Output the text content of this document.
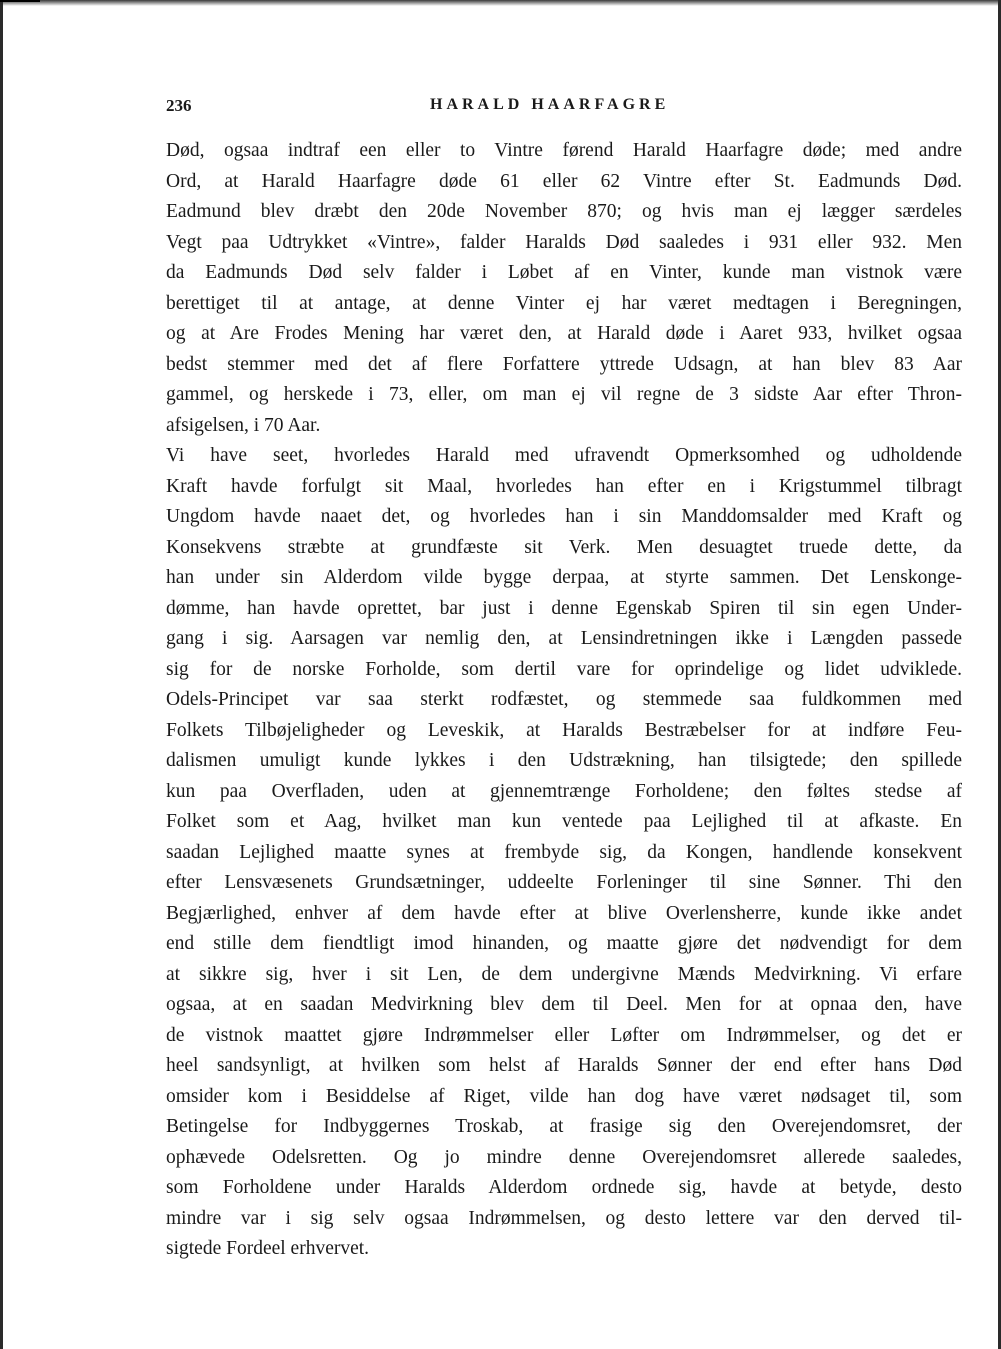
236	HARALD HAARFAGRE
Død, ogsaa indtraf een eller to Vintre førend Harald Haarfagre døde; med andre
Ord, at Harald Haarfagre døde 61 eller 62 Vintre efter St. Eadmunds Død.
Eadmund blev dræbt den 20de November 870; og hvis man ej lægger særdeles
Vegt paa Udtrykket «Vintre», falder Haralds Død saaledes i 931 eller 932. Men
da Eadmunds Død selv falder i Løbet af en Vinter, kunde man vistnok være
berettiget til at antage, at denne Vinter ej har været medtagen i Beregningen,
og at Are Frodes Mening har været den, at Harald døde i Aaret 933, hvilket ogsaa
bedst stemmer med det af flere Forfattere yttrede Udsagn, at han blev 83 Aar
gammel, og herskede i 73, eller, om man ej vil regne de 3 sidste Aar efter Thron-
afsigelsen, i 70 Aar.
Vi have seet, hvorledes Harald med ufravendt Opmerksomhed og udholdende
Kraft havde forfulgt sit Maal, hvorledes han efter en i Krigstummel tilbragt
Ungdom havde naaet det, og hvorledes han i sin Manddomsalder med Kraft og
Konsekvens stræbte at grundfæste sit Verk. Men desuagtet truede dette, da
han under sin Alderdom vilde bygge derpaa, at styrte sammen. Det Lenskonge-
dømme, han havde oprettet, bar just i denne Egenskab Spiren til sin egen Under-
gang i sig. Aarsagen var nemlig den, at Lensindretningen ikke i Længden passede
sig for de norske Forholde, som dertil vare for oprindelige og lidet udviklede.
Odels-Principet var saa sterkt rodfæstet, og stemmede saa fuldkommen med
Folkets Tilbøjeligheder og Leveskik, at Haralds Bestræbelser for at indføre Feu-
dalismen umuligt kunde lykkes i den Udstrækning, han tilsigtede; den spillede
kun paa Overfladen, uden at gjennemtrænge Forholdene; den føltes stedse af
Folket som et Aag, hvilket man kun ventede paa Lejlighed til at afkaste. En
saadan Lejlighed maatte synes at frembyde sig, da Kongen, handlende konsekvent
efter Lensvæsenets Grundsætninger, uddeelte Forleninger til sine Sønner. Thi den
Begjærlighed, enhver af dem havde efter at blive Overlensherre, kunde ikke andet
end stille dem fiendtligt imod hinanden, og maatte gjøre det nødvendigt for dem
at sikkre sig, hver i sit Len, de dem undergivne Mænds Medvirkning. Vi erfare
ogsaa, at en saadan Medvirkning blev dem til Deel. Men for at opnaa den, have
de vistnok maattet gjøre Indrømmelser eller Løfter om Indrømmelser, og det er
heel sandsynligt, at hvilken som helst af Haralds Sønner der end efter hans Død
omsider kom i Besiddelse af Riget, vilde han dog have været nødsaget til, som
Betingelse for Indbyggernes Troskab, at frasige sig den Overejendomsret, der
ophævede Odelsretten. Og jo mindre denne Overejendomsret allerede saaledes,
som Forholdene under Haralds Alderdom ordnede sig, havde at betyde, desto
mindre var i sig selv ogsaa Indrømmelsen, og desto lettere var den derved til-
sigtede Fordeel erhvervet.
